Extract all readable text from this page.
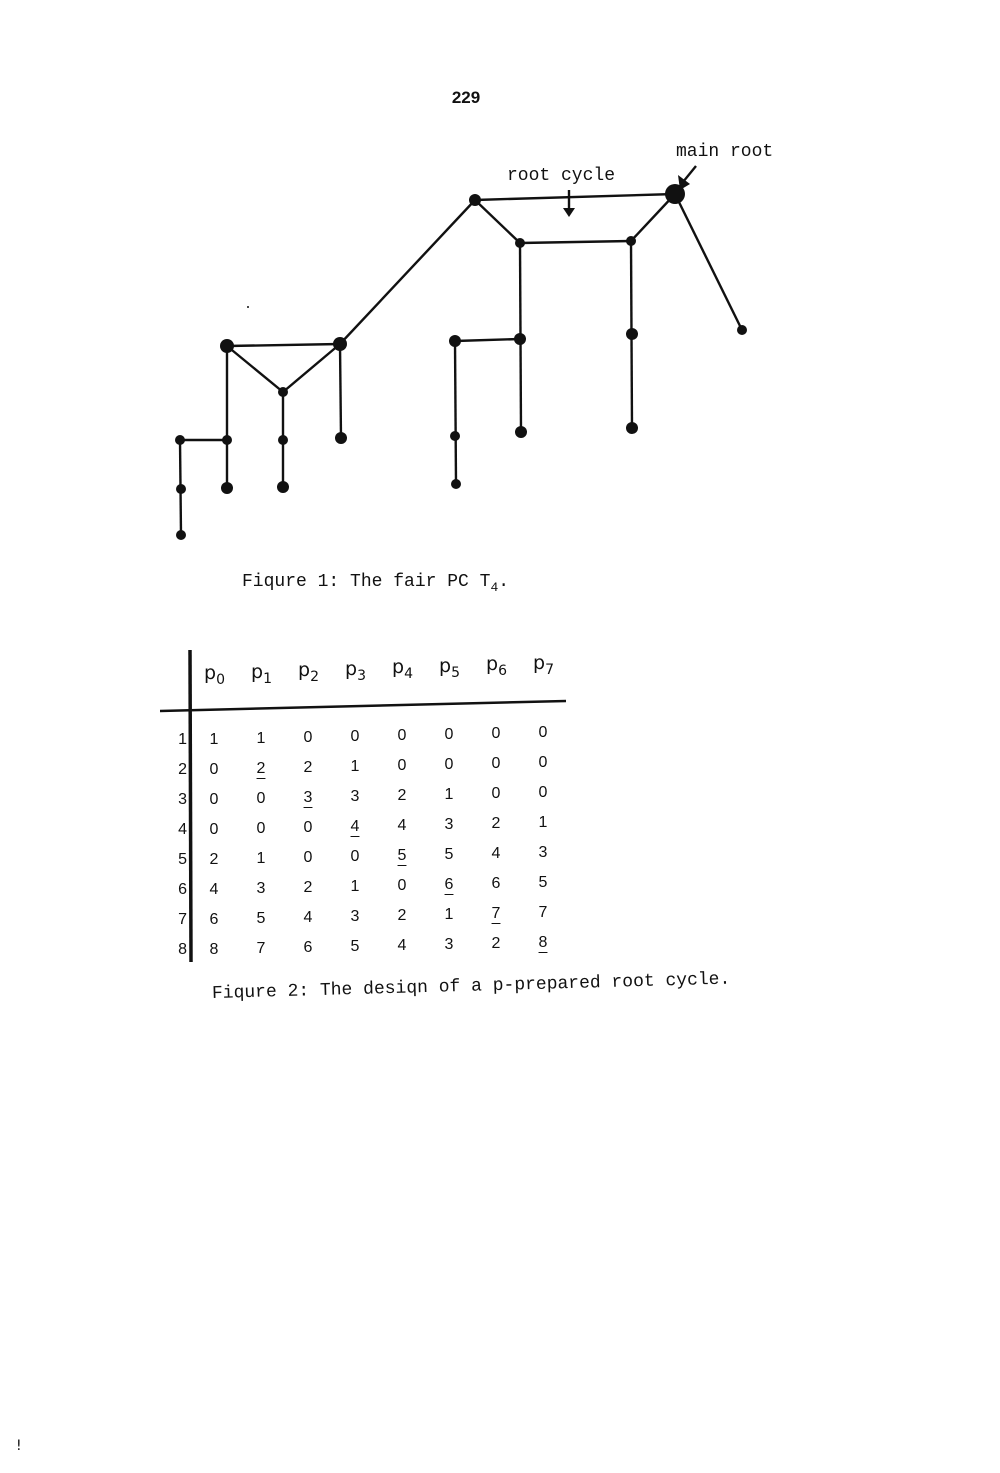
229
root cycle
main root
Fiqure 1: The fair PC $T_4$.
$p_0$ $p_1$ $p_2$ $p_3$ $p_4$ $p_5$ $p_6$ $p_7$
1	1	1	0	0	0	0	0	0
2	0	2	2	1	0	0	0	0
3	0	0	3	3	2	1	0	0
4	0	0	0	4	4	3	2	1
5	2	1	0	0	5	5	4	3
6	4	3	2	1	0	6	6	5
7	6	5	4	3	2	1	7	7
8	8	7	6	5	4	3	2	8
Fiqure 2: The desiqn of a p-prepared root cycle.
!
